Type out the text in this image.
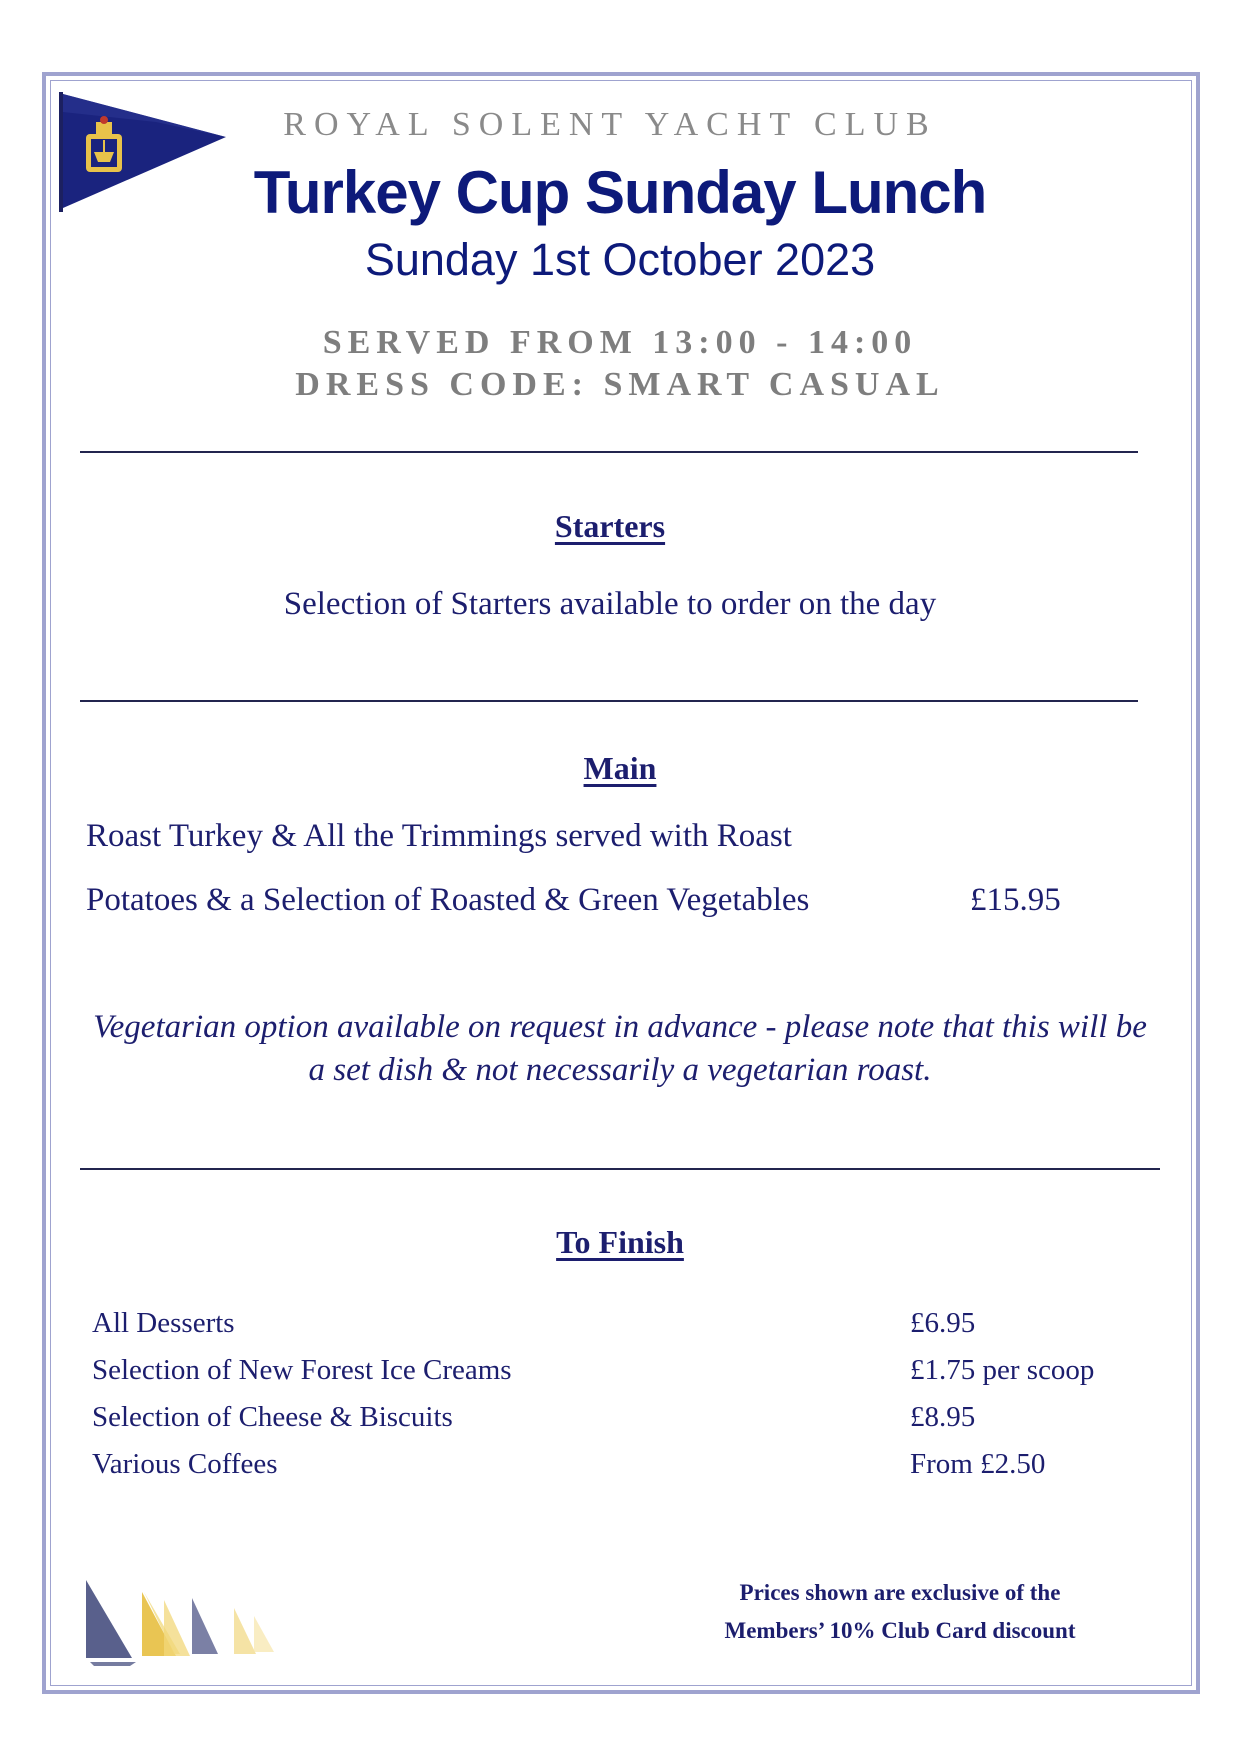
ROYAL SOLENT YACHT CLUB
Turkey Cup Sunday Lunch
Sunday 1st October 2023
SERVED FROM 13:00 - 14:00
DRESS CODE: SMART CASUAL
Starters
Selection of Starters available to order on the day
Main
Roast Turkey & All the Trimmings served with Roast
Potatoes & a Selection of Roasted & Green Vegetables	£15.95
Vegetarian option available on request in advance - please note that this will be a set dish & not necessarily a vegetarian roast.
To Finish
All Desserts	£6.95
Selection of New Forest Ice Creams	£1.75 per scoop
Selection of Cheese & Biscuits	£8.95
Various Coffees	From £2.50
Prices shown are exclusive of the
Members’ 10% Club Card discount
